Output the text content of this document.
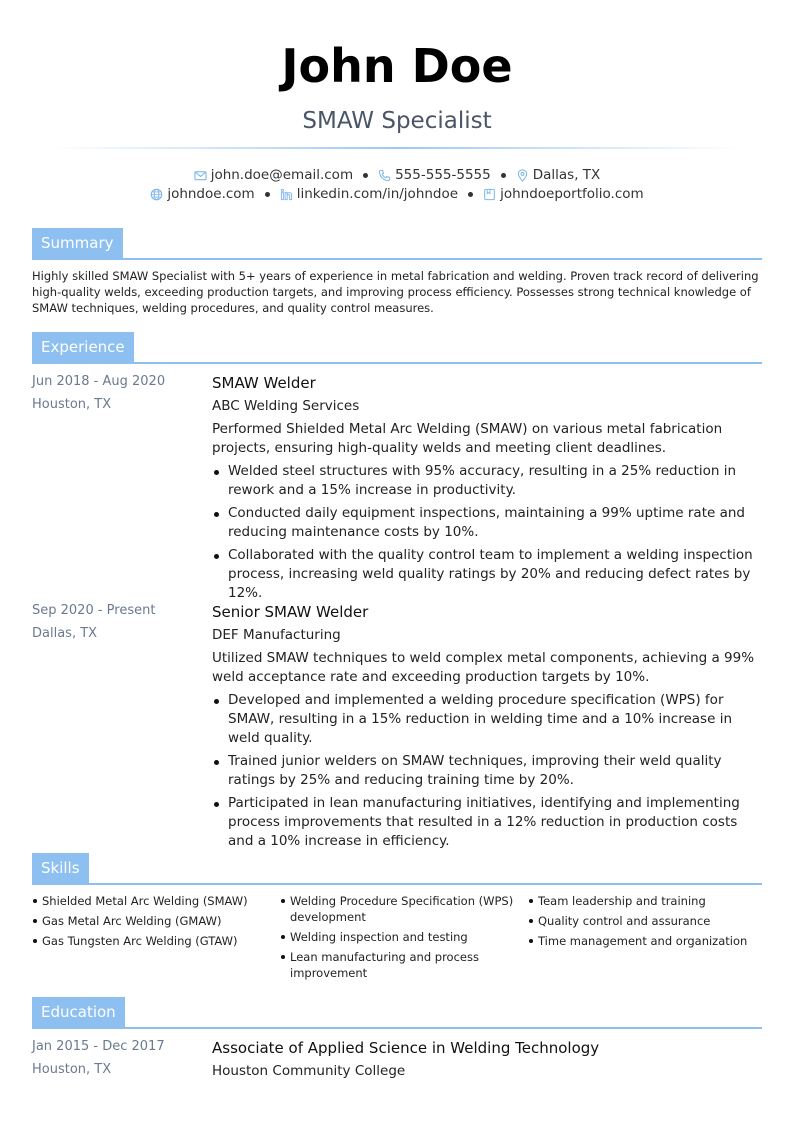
John Doe
SMAW Specialist
john.doe@email.com	555-555-5555	Dallas, TX
johndoe.com	linkedin.com/in/johndoe	johndoeportfolio.com
Summary
Highly skilled SMAW Specialist with 5+ years of experience in metal fabrication and welding. Proven track record of delivering high-quality welds, exceeding production targets, and improving process efficiency. Possesses strong technical knowledge of SMAW techniques, welding procedures, and quality control measures.
Experience
Jun 2018 - Aug 2020
Houston, TX
SMAW Welder
ABC Welding Services
Performed Shielded Metal Arc Welding (SMAW) on various metal fabrication projects, ensuring high-quality welds and meeting client deadlines.
Welded steel structures with 95% accuracy, resulting in a 25% reduction in rework and a 15% increase in productivity.
Conducted daily equipment inspections, maintaining a 99% uptime rate and reducing maintenance costs by 10%.
Collaborated with the quality control team to implement a welding inspection process, increasing weld quality ratings by 20% and reducing defect rates by 12%.
Sep 2020 - Present
Dallas, TX
Senior SMAW Welder
DEF Manufacturing
Utilized SMAW techniques to weld complex metal components, achieving a 99% weld acceptance rate and exceeding production targets by 10%.
Developed and implemented a welding procedure specification (WPS) for SMAW, resulting in a 15% reduction in welding time and a 10% increase in weld quality.
Trained junior welders on SMAW techniques, improving their weld quality ratings by 25% and reducing training time by 20%.
Participated in lean manufacturing initiatives, identifying and implementing process improvements that resulted in a 12% reduction in production costs and a 10% increase in efficiency.
Skills
Shielded Metal Arc Welding (SMAW)
Gas Metal Arc Welding (GMAW)
Gas Tungsten Arc Welding (GTAW)
Welding Procedure Specification (WPS) development
Welding inspection and testing
Lean manufacturing and process improvement
Team leadership and training
Quality control and assurance
Time management and organization
Education
Jan 2015 - Dec 2017
Houston, TX
Associate of Applied Science in Welding Technology
Houston Community College
